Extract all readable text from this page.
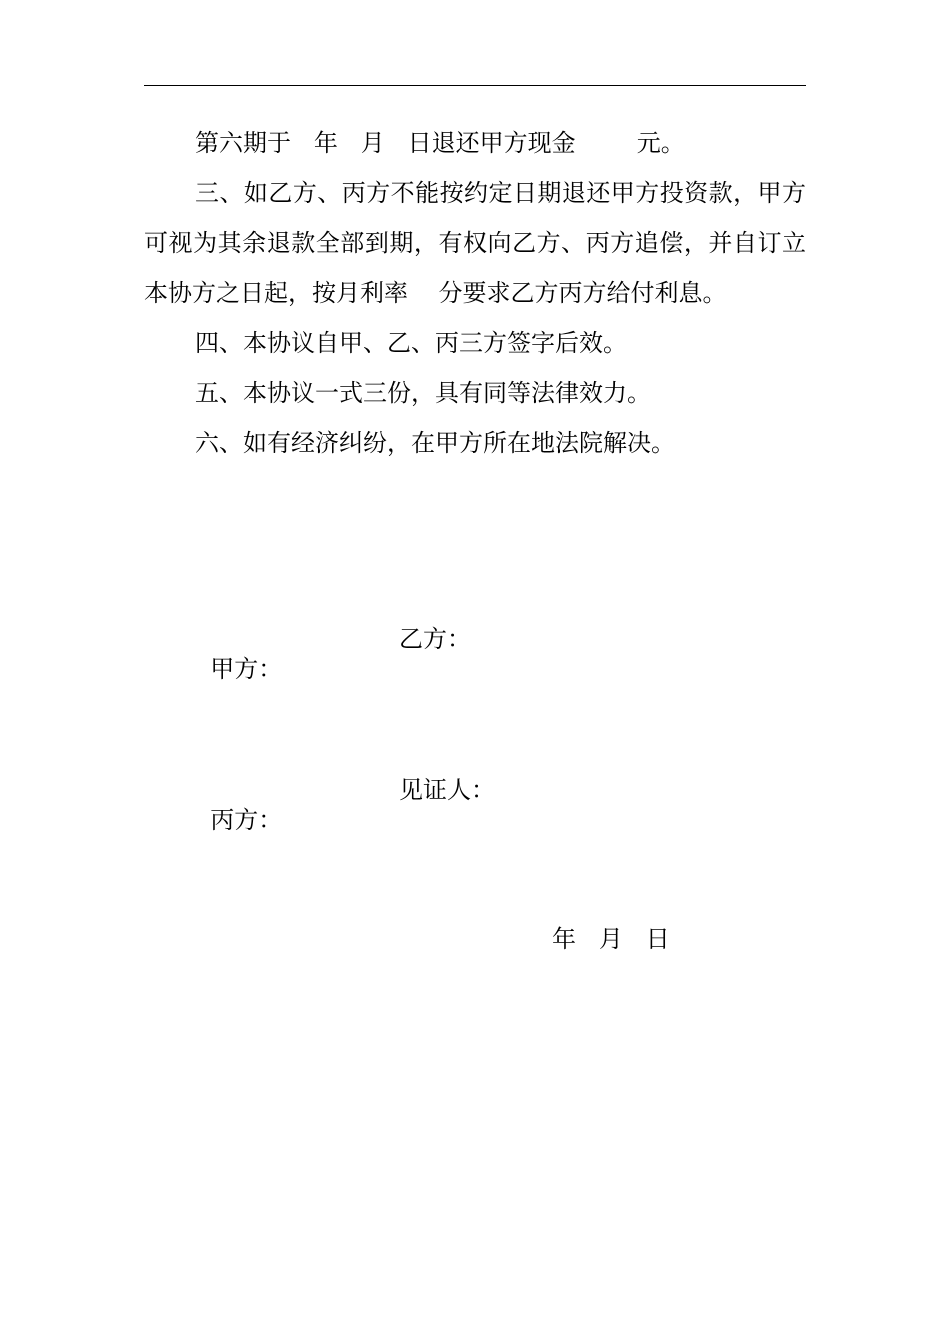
第六期于   年   月   日退还甲方现金        元。

三、如乙方、丙方不能按约定日期退还甲方投资款，甲方可视为其余退款全部到期，有权向乙方、丙方追偿，并自订立本协方之日起，按月利率    分要求乙方丙方给付利息。

四、本协议自甲、乙、丙三方签字后效。

五、本协议一式三份，具有同等法律效力。

六、如有经济纠纷，在甲方所在地法院解决。

甲方：

乙方：

丙方：

见证人：

年   月   日
